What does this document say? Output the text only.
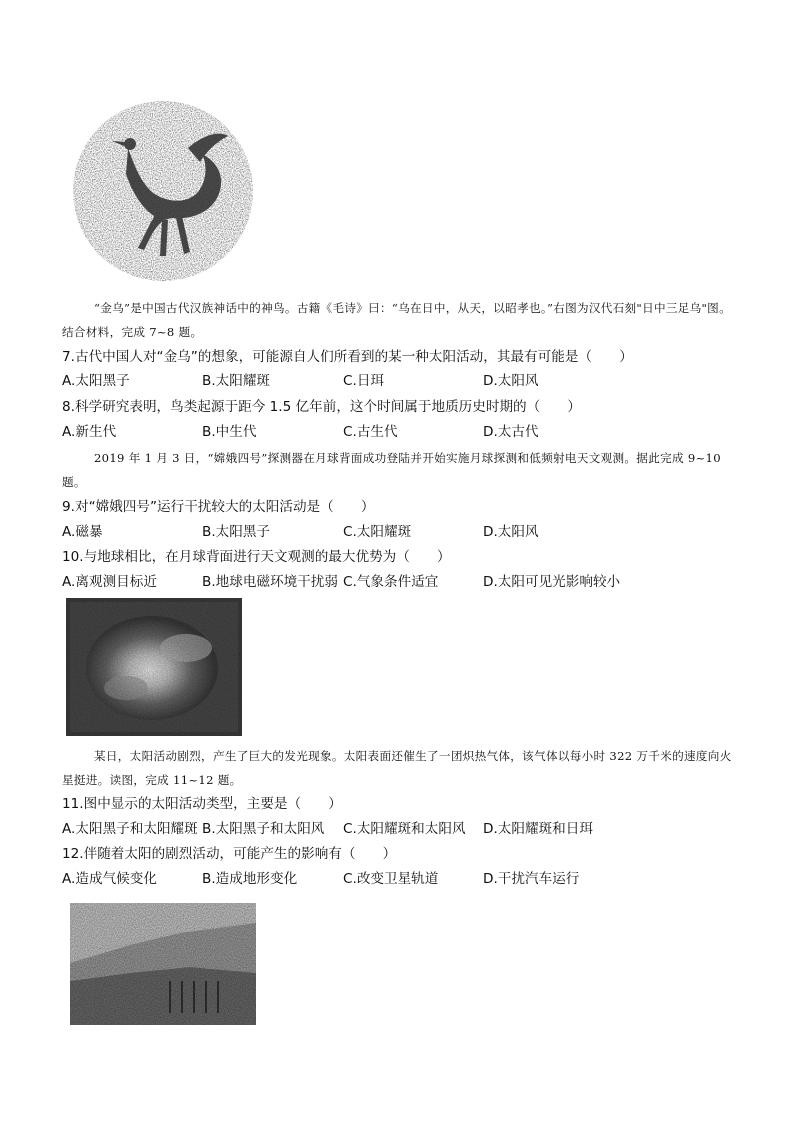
“金乌”是中国古代汉族神话中的神鸟。古籍《毛诗》曰：“乌在日中，从天，以昭孝也。”右图为汉代石刻"日中三足乌"图。结合材料，完成 7~8 题。
7.古代中国人对“金乌”的想象，可能源自人们所看到的某一种太阳活动，其最有可能是（　　）
A.太阳黑子	B.太阳耀斑	C.日珥	D.太阳风
8.科学研究表明，鸟类起源于距今 1.5 亿年前，这个时间属于地质历史时期的（　　）
A.新生代	B.中生代	C.古生代	D.太古代
2019 年 1 月 3 日，“嫦娥四号”探测器在月球背面成功登陆并开始实施月球探测和低频射电天文观测。据此完成 9~10 题。
9.对“嫦娥四号”运行干扰较大的太阳活动是（　　）
A.磁暴	B.太阳黑子	C.太阳耀斑	D.太阳风
10.与地球相比，在月球背面进行天文观测的最大优势为（　　）
A.离观测目标近	B.地球电磁环境干扰弱 C.气象条件适宜	D.太阳可见光影响较小
某日，太阳活动剧烈，产生了巨大的发光现象。太阳表面还催生了一团炽热气体，该气体以每小时 322 万千米的速度向火星挺进。读图，完成 11~12 题。
11.图中显示的太阳活动类型，主要是（　　）
A.太阳黑子和太阳耀斑 B.太阳黑子和太阳风 C.太阳耀斑和太阳风 D.太阳耀斑和日珥
12.伴随着太阳的剧烈活动，可能产生的影响有（　　）
A.造成气候变化	B.造成地形变化	C.改变卫星轨道	D.干扰汽车运行
